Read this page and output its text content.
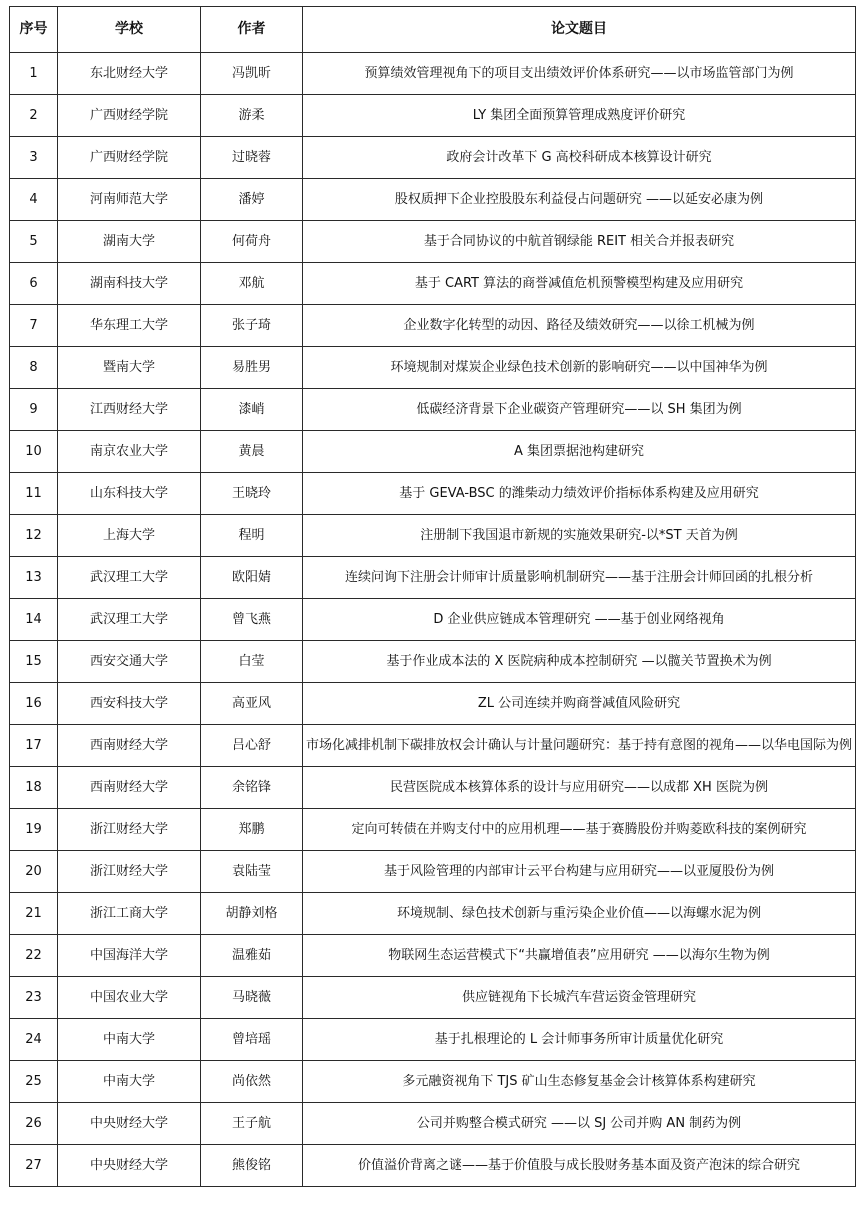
序号	学校	作者	论文题目
1	东北财经大学	冯凯昕	预算绩效管理视角下的项目支出绩效评价体系研究——以市场监管部门为例
2	广西财经学院	游柔	LY 集团全面预算管理成熟度评价研究
3	广西财经学院	过晓蓉	政府会计改革下 G 高校科研成本核算设计研究
4	河南师范大学	潘婷	股权质押下企业控股股东利益侵占问题研究 ——以延安必康为例
5	湖南大学	何荷舟	基于合同协议的中航首钢绿能 REIT 相关合并报表研究
6	湖南科技大学	邓航	基于 CART 算法的商誉减值危机预警模型构建及应用研究
7	华东理工大学	张子琦	企业数字化转型的动因、路径及绩效研究——以徐工机械为例
8	暨南大学	易胜男	环境规制对煤炭企业绿色技术创新的影响研究——以中国神华为例
9	江西财经大学	漆峭	低碳经济背景下企业碳资产管理研究——以 SH 集团为例
10	南京农业大学	黄晨	A 集团票据池构建研究
11	山东科技大学	王晓玲	基于 GEVA-BSC 的潍柴动力绩效评价指标体系构建及应用研究
12	上海大学	程明	注册制下我国退市新规的实施效果研究-以*ST 天首为例
13	武汉理工大学	欧阳婧	连续问询下注册会计师审计质量影响机制研究——基于注册会计师回函的扎根分析
14	武汉理工大学	曾飞燕	D 企业供应链成本管理研究 ——基于创业网络视角
15	西安交通大学	白莹	基于作业成本法的 X 医院病种成本控制研究 —以髋关节置换术为例
16	西安科技大学	高亚风	ZL 公司连续并购商誉减值风险研究
17	西南财经大学	吕心舒	市场化减排机制下碳排放权会计确认与计量问题研究：基于持有意图的视角——以华电国际为例
18	西南财经大学	余铭锋	民营医院成本核算体系的设计与应用研究——以成都 XH 医院为例
19	浙江财经大学	郑鹏	定向可转债在并购支付中的应用机理——基于赛腾股份并购菱欧科技的案例研究
20	浙江财经大学	袁陆莹	基于风险管理的内部审计云平台构建与应用研究——以亚厦股份为例
21	浙江工商大学	胡静刘格	环境规制、绿色技术创新与重污染企业价值——以海螺水泥为例
22	中国海洋大学	温雅茹	物联网生态运营模式下“共赢增值表”应用研究 ——以海尔生物为例
23	中国农业大学	马晓薇	供应链视角下长城汽车营运资金管理研究
24	中南大学	曾培瑶	基于扎根理论的 L 会计师事务所审计质量优化研究
25	中南大学	尚依然	多元融资视角下 TJS 矿山生态修复基金会计核算体系构建研究
26	中央财经大学	王子航	公司并购整合模式研究 ——以 SJ 公司并购 AN 制药为例
27	中央财经大学	熊俊铭	价值溢价背离之谜——基于价值股与成长股财务基本面及资产泡沫的综合研究
